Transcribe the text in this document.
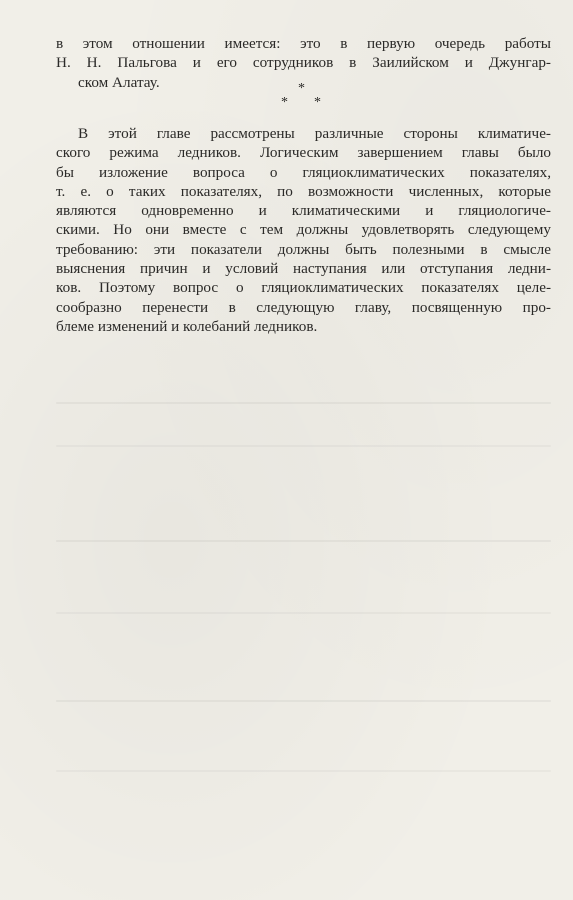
в этом отношении имеется: это в первую очередь работы
Н. Н. Пальгова и его сотрудников в Заилийском и Джунгар-
ском Алатау.	*
* *
В этой главе рассмотрены различные стороны климатиче-
ского режима ледников. Логическим завершением главы было
бы изложение вопроса о гляциоклиматических показателях,
т. е. о таких показателях, по возможности численных, которые
являются одновременно и климатическими и гляциологиче-
скими. Но они вместе с тем должны удовлетворять следующему
требованию: эти показатели должны быть полезными в смысле
выяснения причин и условий наступания или отступания ледни-
ков. Поэтому вопрос о гляциоклиматических показателях целе-
сообразно перенести в следующую главу, посвященную про-
блеме изменений и колебаний ледников.
